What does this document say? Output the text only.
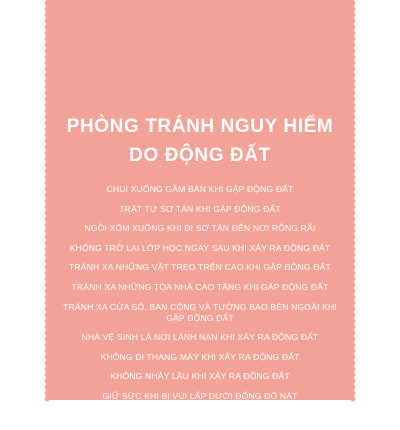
PHÒNG TRÁNH NGUY HIỂM
DO ĐỘNG ĐẤT
CHUI XUỐNG GẦM BÀN KHI GẶP ĐỘNG ĐẤT
TRẬT TỰ SƠ TÁN KHI GẶP ĐỘNG ĐẤT
NGỒI XỔM XUỐNG KHI ĐI SƠ TÁN ĐẾN NƠI RỘNG RÃI
KHÔNG TRỞ LẠI LỚP HỌC NGAY SAU KHI XẢY RA ĐỘNG ĐẤT
TRÁNH XA NHỮNG VẬT TREO TRÊN CAO KHI GẶP ĐỘNG ĐẤT
TRÁNH XA NHỮNG TÒA NHÀ CAO TẦNG KHI GẶP ĐỘNG ĐẤT
TRÁNH XA CỬA SỔ, BAN CÔNG VÀ TƯỜNG BAO BÊN NGOÀI KHI GẶP ĐỘNG ĐẤT
NHÀ VỆ SINH LÀ NƠI LÁNH NẠN KHI XẢY RA ĐỘNG ĐẤT
KHÔNG ĐI THANG MÁY KHI XẢY RA ĐỘNG ĐẤT
KHÔNG NHẢY LẦU KHI XẢY RA ĐỘNG ĐẤT
GIỮ SỨC KHI BỊ VÙI LẤP DƯỚI ĐỐNG ĐỔ NÁT
KHÔNG TIN NHỮNG LỜI ĐỒN ĐẠI VỀ ĐỘNG ĐẤT
